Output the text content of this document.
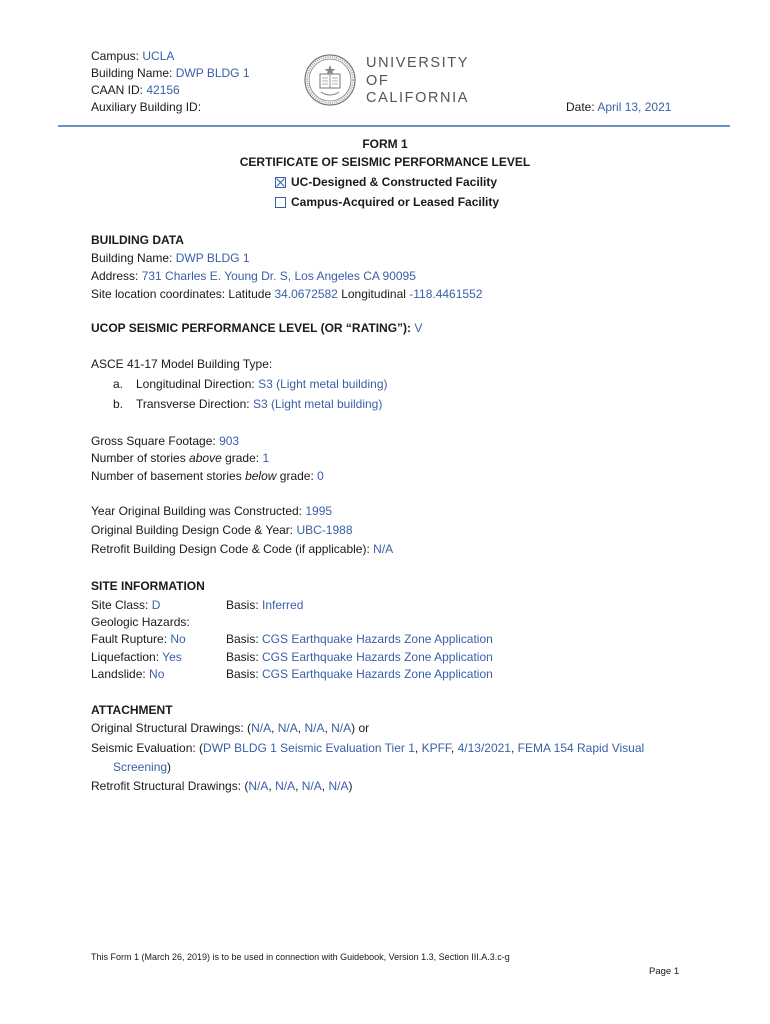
Campus: UCLA
Building Name: DWP BLDG 1
CAAN ID: 42156
Auxiliary Building ID:
UNIVERSITY
OF
CALIFORNIA
Date: April 13, 2021
FORM 1
CERTIFICATE OF SEISMIC PERFORMANCE LEVEL
UC-Designed & Constructed Facility
Campus-Acquired or Leased Facility
BUILDING DATA
Building Name: DWP BLDG 1
Address: 731 Charles E. Young Dr. S, Los Angeles CA 90095
Site location coordinates: Latitude 34.0672582 Longitudinal -118.4461552
UCOP SEISMIC PERFORMANCE LEVEL (OR “RATING”): V
ASCE 41-17 Model Building Type:
a. Longitudinal Direction: S3 (Light metal building)
b. Transverse Direction: S3 (Light metal building)
Gross Square Footage: 903
Number of stories above grade: 1
Number of basement stories below grade: 0
Year Original Building was Constructed: 1995
Original Building Design Code & Year: UBC-1988
Retrofit Building Design Code & Code (if applicable): N/A
SITE INFORMATION
Site Class: D	Basis: Inferred
Geologic Hazards:
Fault Rupture: No	Basis: CGS Earthquake Hazards Zone Application
Liquefaction: Yes	Basis: CGS Earthquake Hazards Zone Application
Landslide: No	Basis: CGS Earthquake Hazards Zone Application
ATTACHMENT
Original Structural Drawings: (N/A, N/A, N/A, N/A) or
Seismic Evaluation: (DWP BLDG 1 Seismic Evaluation Tier 1, KPFF, 4/13/2021, FEMA 154 Rapid Visual
Screening)
Retrofit Structural Drawings: (N/A, N/A, N/A, N/A)
This Form 1 (March 26, 2019) is to be used in connection with Guidebook, Version 1.3, Section III.A.3.c-g
Page 1
